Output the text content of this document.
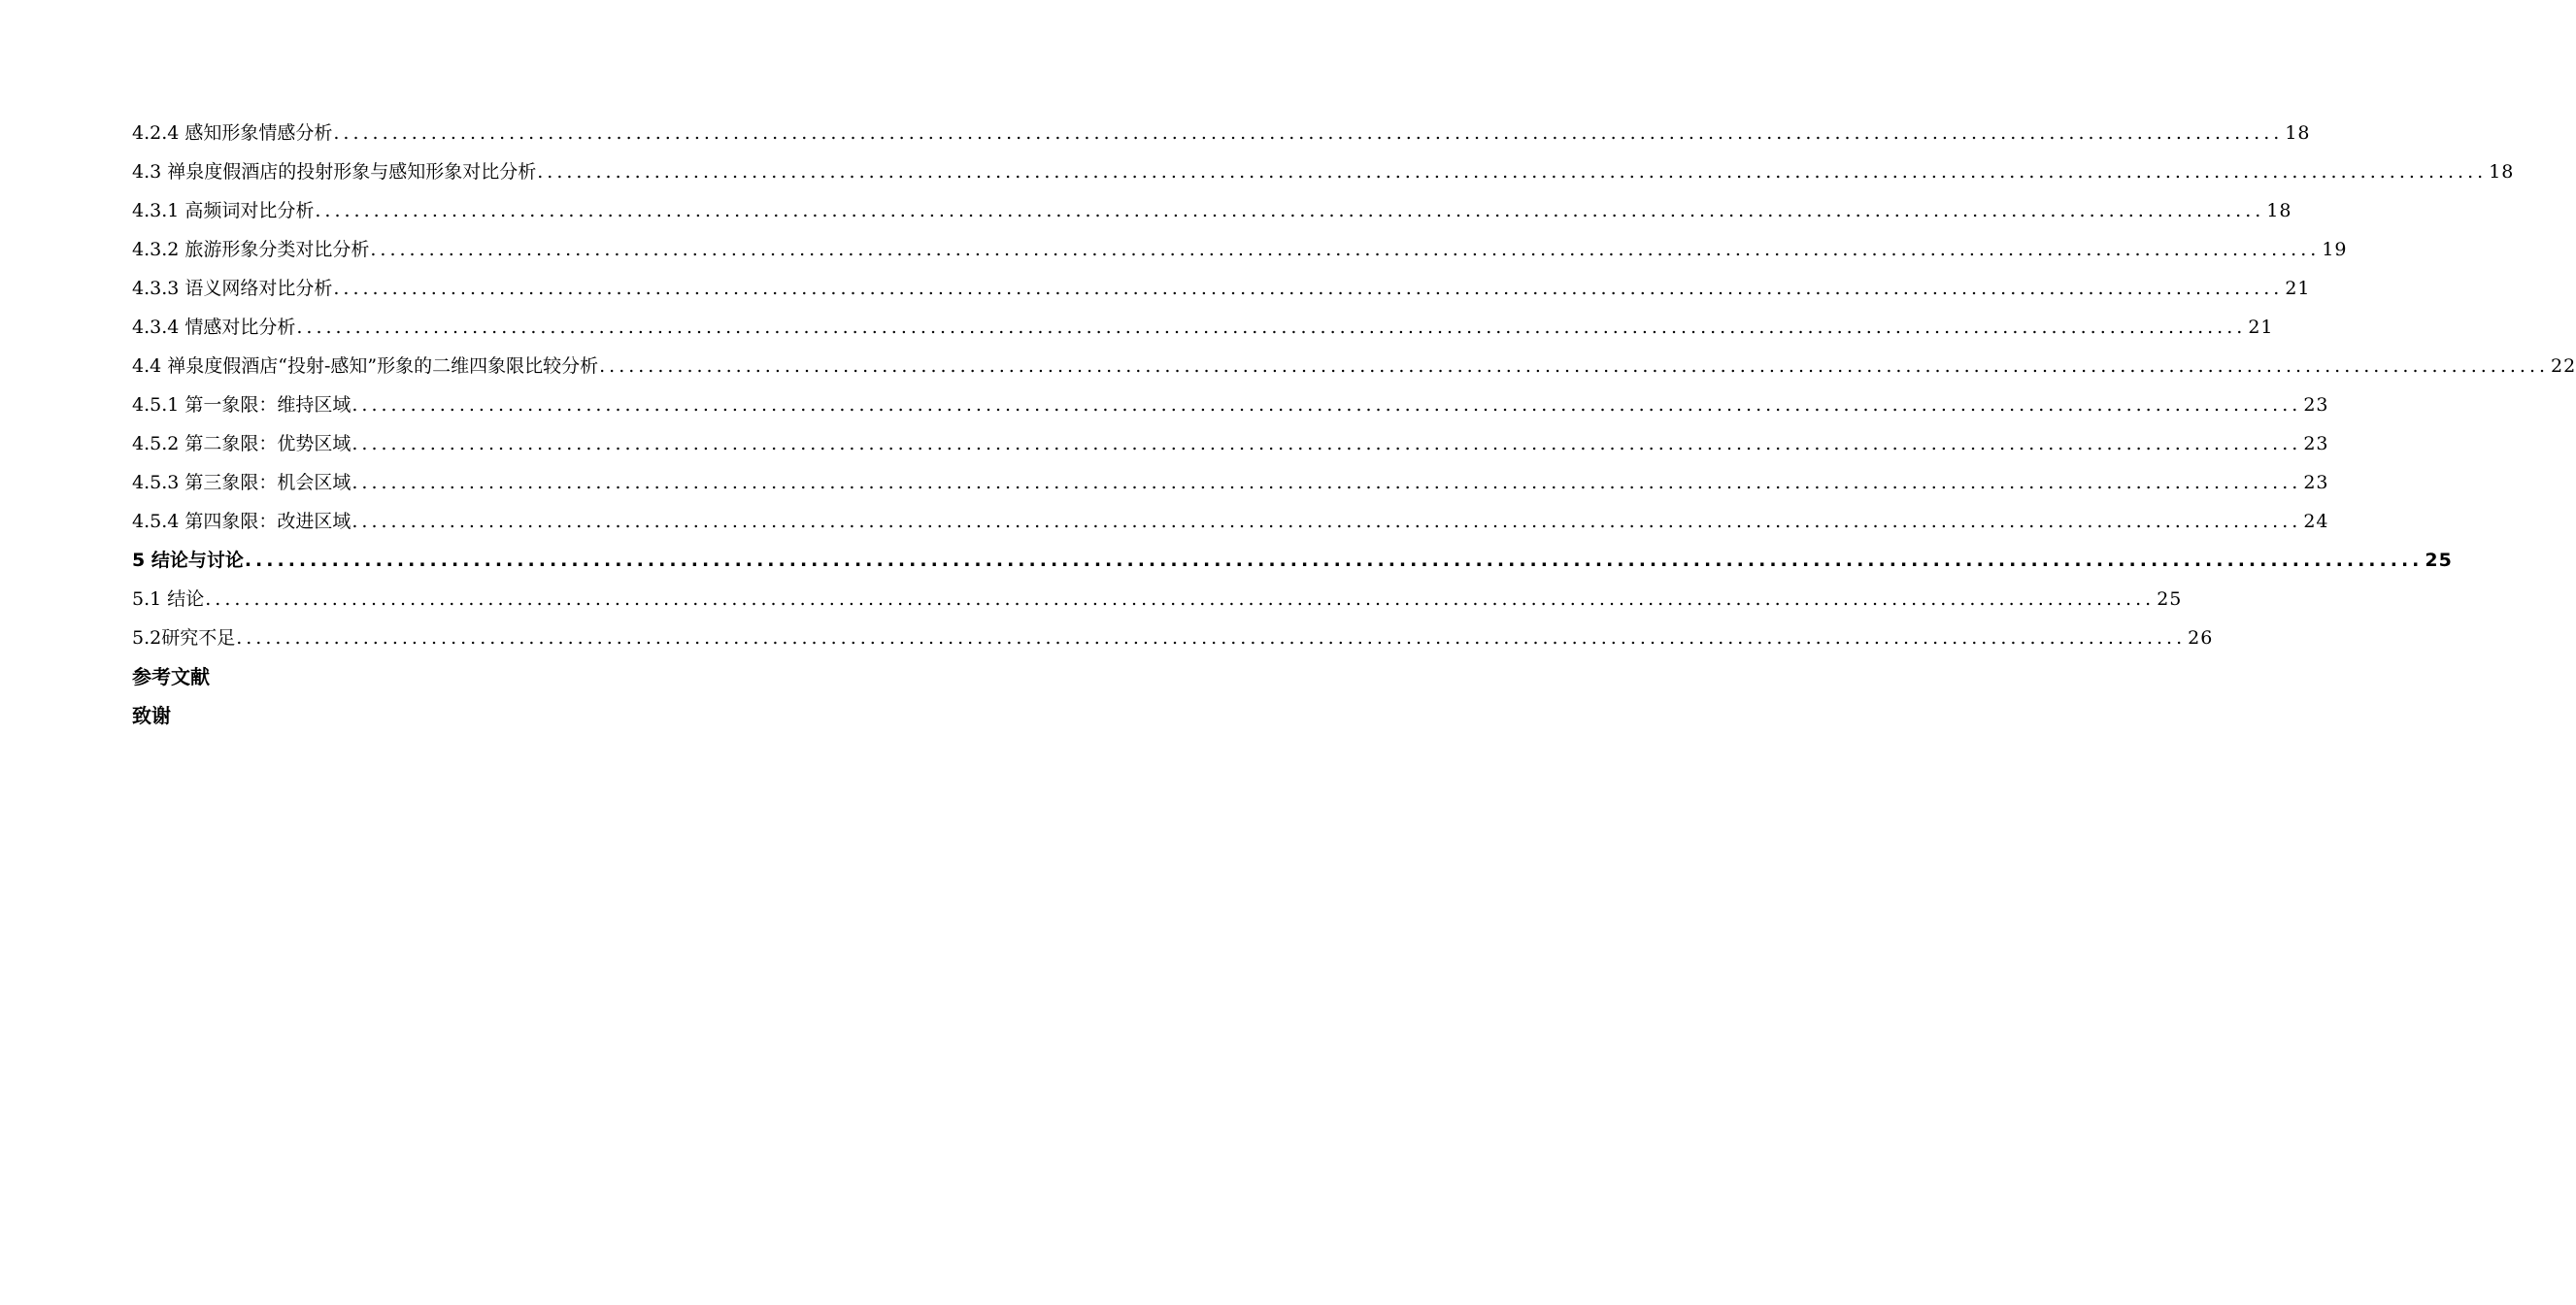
4.2.4 感知形象情感分析 ........................................................................................................................................................................................................ 18
4.3 禅泉度假酒店的投射形象与感知形象对比分析 ........................................................................................................................................................................................................ 18
4.3.1 高频词对比分析 ........................................................................................................................................................................................................ 18
4.3.2 旅游形象分类对比分析 ........................................................................................................................................................................................................ 19
4.3.3 语义网络对比分析 ........................................................................................................................................................................................................ 21
4.3.4 情感对比分析 ........................................................................................................................................................................................................ 21
4.4 禅泉度假酒店“投射-感知”形象的二维四象限比较分析 ........................................................................................................................................................................................................ 22
4.5.1 第一象限：维持区域 ........................................................................................................................................................................................................ 23
4.5.2 第二象限：优势区域 ........................................................................................................................................................................................................ 23
4.5.3 第三象限：机会区域 ........................................................................................................................................................................................................ 23
4.5.4 第四象限：改进区域 ........................................................................................................................................................................................................ 24
5 结论与讨论 ........................................................................................................................................................................................................ 25
5.1 结论 ........................................................................................................................................................................................................ 25
5.2研究不足 ........................................................................................................................................................................................................ 26
参考文献
致谢
